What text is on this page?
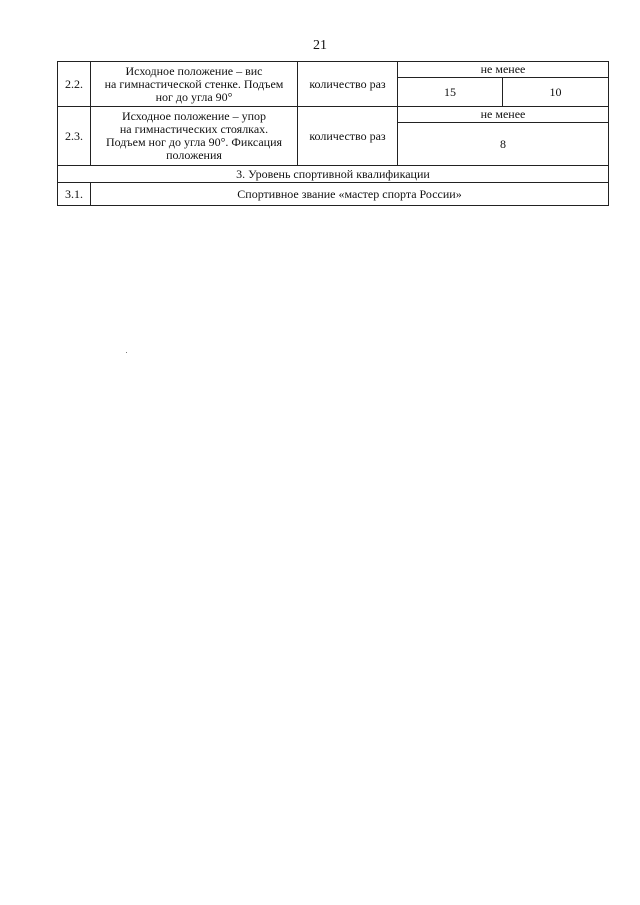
21
2.2.	Исходное положение – вис
на гимнастической стенке. Подъем
ног до угла 90°	количество раз	не менее	
			15	10
2.3.	Исходное положение – упор
на гимнастических стоялках.
Подъем ног до угла 90°. Фиксация
положения	количество раз	не менее	
			8	
3. Уровень спортивной квалификации				
3.1.	Спортивное звание «мастер спорта России»			
